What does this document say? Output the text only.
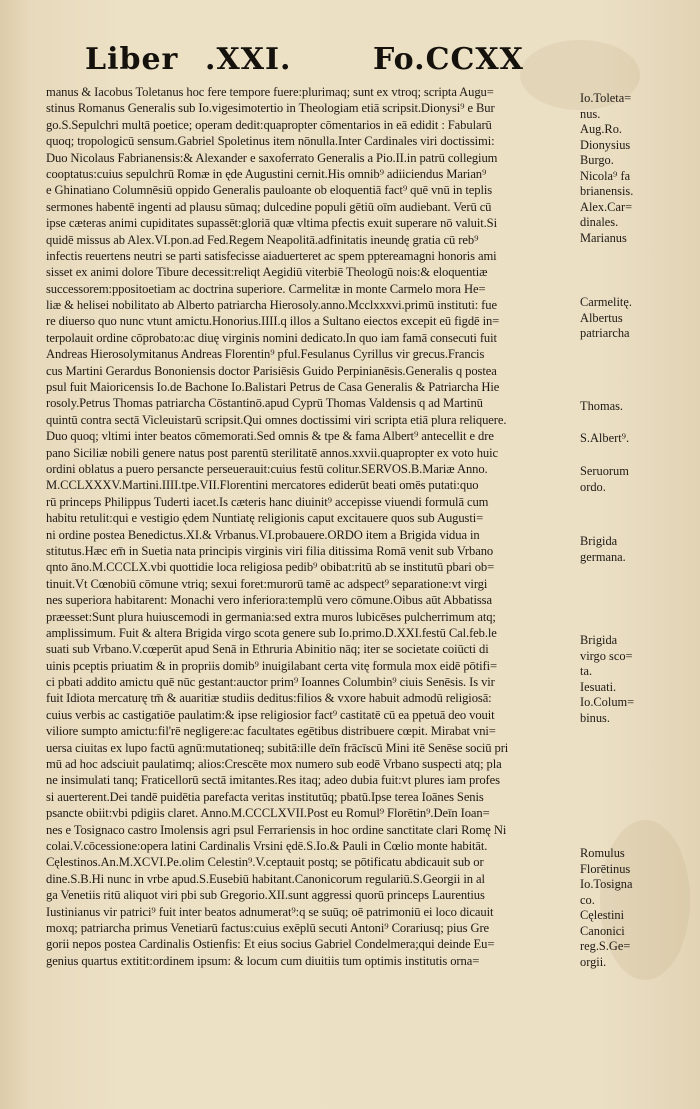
Liber .XXI.	Fo.CCXX
manus & Iacobus Toletanus hoc fere tempore fuere:plurimaq; sunt ex vtroq; scripta Augu=
stinus Romanus Generalis sub Io.vigesimotertio in Theologiam etiā scripsit.Dionysi⁹ e Bur
go.S.Sepulchri multā poetice; operam dedit:quapropter cōmentarios in eā edidit : Fabularū
quoq; tropologicū sensum.Gabriel Spoletinus item nōnulla.Inter Cardinales viri doctissimi:
Duo Nicolaus Fabrianensis:& Alexander e saxoferrato Generalis a Pio.II.in patrū collegium
cooptatus:cuius sepulchrū Romæ in ęde Augustini cernit.His omnib⁹ adiiciendus Marian⁹
e Ghinatiano Columnēsiū oppido Generalis pauloante ob eloquentiā fact⁹ quē vnū in teplis
sermones habentē ingenti ad plausu sūmaq; dulcedine populi gētiū oīm audiebant. Verū cū
ipse cæteras animi cupiditates supassēt:gloriā quæ vltima pfectis exuit superare nō valuit.Si
quidē missus ab Alex.VI.pon.ad Fed.Regem Neapolitā.adfinitatis ineundę gratia cū reb⁹
infectis reuertens neutri se parti satisfecisse aiaduerteret ac spem pptereamagni honoris ami
sisset ex animi dolore Tibure decessit:reliqt Aegidiū viterbiē Theologū nois:& eloquentiæ
successorem:ppositoetiam ac doctrina superiore. Carmelitæ in monte Carmelo mora He=
liæ & helisei nobilitato ab Alberto patriarcha Hierosoly.anno.Mcclxxxvi.primū instituti: fue
re diuerso quo nunc vtunt amictu.Honorius.IIII.q illos a Sultano eiectos excepit eū figdē in=
terpolauit ordine cōprobato:ac diuę virginis nomini dedicato.In quo iam famā consecuti fuit
Andreas Hierosolymitanus Andreas Florentin⁹ pful.Fesulanus Cyrillus vir grecus.Francis
cus Martini Gerardus Bononiensis doctor Parisiēsis Guido Perpinianēsis.Generalis q postea
psul fuit Maioricensis Io.de Bachone Io.Balistari Petrus de Casa Generalis & Patriarcha Hie
rosoly.Petrus Thomas patriarcha Cōstantinō.apud Cyprū Thomas Valdensis q ad Martinū
quintū contra sectā Vicleuistarū scripsit.Qui omnes doctissimi viri scripta etiā plura reliquere.
Duo quoq; vltimi inter beatos cōmemorati.Sed omnis & tpe & fama Albert⁹ antecellit e dre
pano Siciliæ nobili genere natus post parentū sterilitatē annos.xxvii.quapropter ex voto huic
ordini oblatus a puero persancte perseuerauit:cuius festū colitur.SERVOS.B.Mariæ Anno.
M.CCLXXXV.Martini.IIII.tpe.VII.Florentini mercatores ediderūt beati omēs putati:quo
rū princeps Philippus Tuderti iacet.Is cæteris hanc diuinit⁹ accepisse viuendi formulā cum
habitu retulit:qui e vestigio ędem Nuntiatę religionis caput excitauere quos sub Augusti=
ni ordine postea Benedictus.XI.& Vrbanus.VI.probauere.ORDO item a Brigida vidua in
stitutus.Hæc em̄ in Suetia nata principis virginis viri filia ditissima Romā venit sub Vrbano
qnto āno.M.CCCLX.vbi quottidie loca religiosa pedib⁹ obibat:ritū ab se institutū pbari ob=
tinuit.Vt Cœnobiū cōmune vtriq; sexui foret:murorū tamē ac adspect⁹ separatione:vt virgi
nes superiora habitarent: Monachi vero inferiora:templū vero cōmune.Oibus aūt Abbatissa
præesset:Sunt plura huiuscemodi in germania:sed extra muros lubicēses pulcherrimum atq;
amplissimum. Fuit & altera Brigida virgo scota genere sub Io.primo.D.XXI.festū Cal.feb.le
suati sub Vrbano.V.cœperūt apud Senā in Ethruria Abinitio nāq; iter se societate coiūcti di
uinis pceptis priuatim & in propriis domib⁹ inuigilabant certa vitę formula mox eidē pōtifi=
ci pbati addito amictu quē nūc gestant:auctor prim⁹ Ioannes Columbin⁹ ciuis Senēsis. Is vir
fuit Idiota mercaturę tm̄ & auaritiæ studiis deditus:filios & vxore habuit admodū religiosā:
cuius verbis ac castigatiōe paulatim:& ipse religiosior fact⁹ castitatē cū ea ppetuā deo vouit
viliore sumpto amictu:fil'rē negligere:ac facultates egētibus distribuere cœpit. Mirabat vni=
uersa ciuitas ex lupo factū agnū:mutationeq; subitā:ille deīn frācīscū Mini itē Senēse sociū pri
mū ad hoc adsciuit paulatimq; alios:Crescēte mox numero sub eodē Vrbano suspecti atq; pla
ne insimulati tanq; Fraticellorū sectā imitantes.Res itaq; adeo dubia fuit:vt plures iam profes
si auerterent.Dei tandē puidētia parefacta veritas institutūq; pbatū.Ipse terea Ioānes Senis
psancte obiit:vbi pdigiis claret. Anno.M.CCCLXVII.Post eu Romul⁹ Florētin⁹.Deīn Ioan=
nes e Tosignaco castro Imolensis agri psul Ferrariensis in hoc ordine sanctitate clari Romę Ni
colai.V.cōcessione:opera latini Cardinalis Vrsini ędē.S.Io.& Pauli in Cœlio monte habitāt.
Cęlestinos.An.M.XCVI.Pe.olim Celestin⁹.V.ceptauit postq; se pōtificatu abdicauit sub or
dine.S.B.Hi nunc in vrbe apud.S.Eusebiū habitant.Canonicorum regulariū.S.Georgii in al
ga Venetiis ritū aliquot viri pbi sub Gregorio.XII.sunt aggressi quorū princeps Laurentius
Iustinianus vir patrici⁹ fuit inter beatos adnumerat⁹:q se suūq; oē patrimoniū ei loco dicauit
moxq; patriarcha primus Venetiarū factus:cuius exēplū secuti Antoni⁹ Corariusq; pius Gre
gorii nepos postea Cardinalis Ostienfis: Et eius socius Gabriel Condelmera;qui deinde Eu=
genius quartus extitit:ordinem ipsum: & locum cum diuitiis tum optimis institutis orna=
Io.Toleta=
nus.
Aug.Ro.
Dionysius
Burgo.
Nicola⁹ fa
brianensis.
Alex.Car=
dinales.
Marianus
Carmelitę.
Albertus
patriarcha
Thomas.
S.Albert⁹.
Seruorum
ordo.
Brigida
germana.
Brigida
virgo sco=
ta.
Iesuati.
Io.Colum=
binus.
Romulus
Florētinus
Io.Tosigna
co.
Cęlestini
Canonici
reg.S.Ge=
orgii.
